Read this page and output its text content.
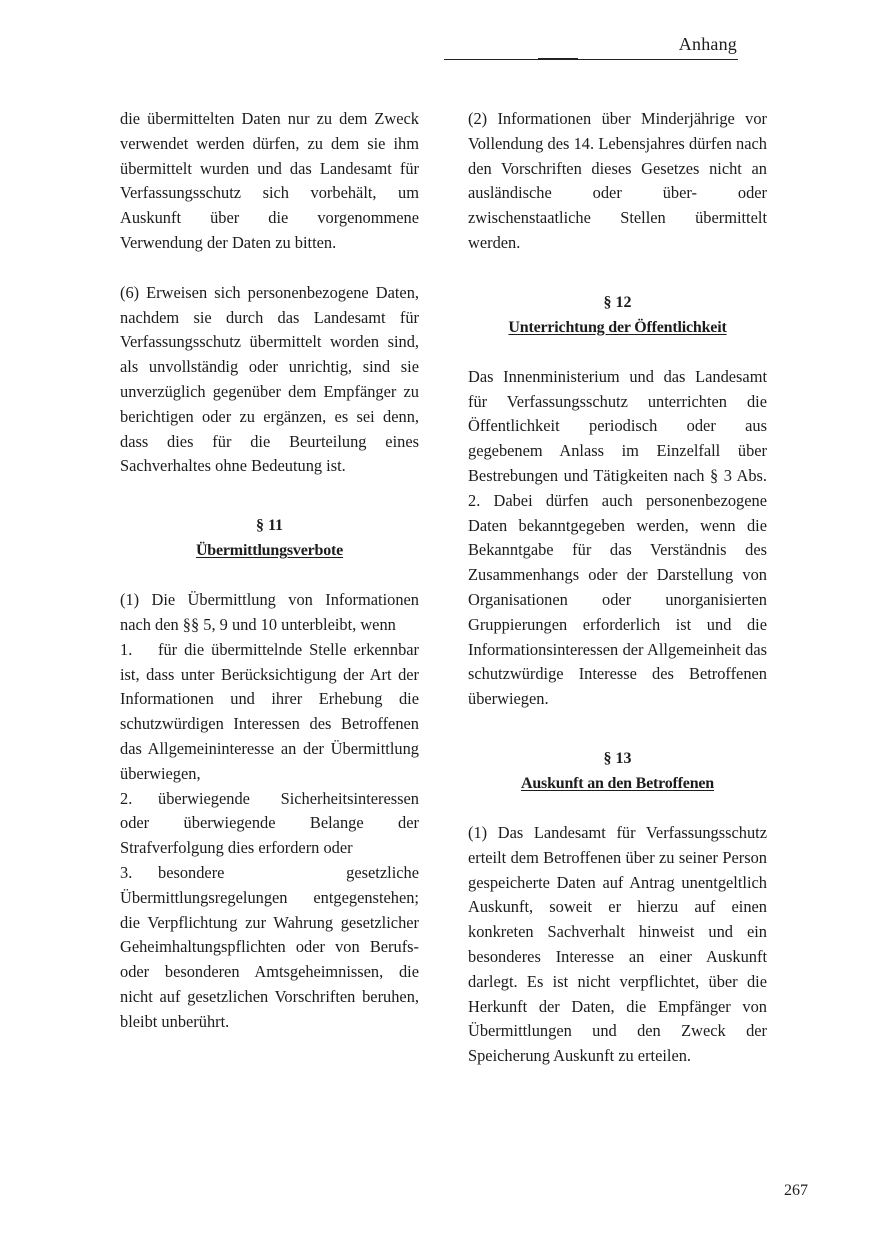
Anhang

die übermittelten Daten nur zu dem Zweck verwendet werden dürfen, zu dem sie ihm übermittelt wurden und das Landesamt für Verfassungsschutz sich vorbehält, um Auskunft über die vorgenommene Verwendung der Daten zu bitten.

(6) Erweisen sich personenbezogene Daten, nachdem sie durch das Landesamt für Verfassungsschutz übermittelt worden sind, als unvollständig oder unrichtig, sind sie unverzüglich gegenüber dem Empfänger zu berichtigen oder zu ergänzen, es sei denn, dass dies für die Beurteilung eines Sachverhaltes ohne Bedeutung ist.

§ 11
Übermittlungsverbote

(1) Die Übermittlung von Informationen nach den §§ 5, 9 und 10 unterbleibt, wenn

1. für die übermittelnde Stelle erkennbar ist, dass unter Berücksichtigung der Art der Informationen und ihrer Erhebung die schutzwürdigen Interessen des Betroffenen das Allgemeininteresse an der Übermittlung überwiegen,

2. überwiegende Sicherheitsinteressen oder überwiegende Belange der Strafverfolgung dies erfordern oder

3. besondere gesetzliche Übermittlungsregelungen entgegenstehen; die Verpflichtung zur Wahrung gesetzlicher Geheimhaltungspflichten oder von Berufs- oder besonderen Amtsgeheimnissen, die nicht auf gesetzlichen Vorschriften beruhen, bleibt unberührt.

(2) Informationen über Minderjährige vor Vollendung des 14. Lebensjahres dürfen nach den Vorschriften dieses Gesetzes nicht an ausländische oder über- oder zwischenstaatliche Stellen übermittelt werden.

§ 12
Unterrichtung der Öffentlichkeit

Das Innenministerium und das Landesamt für Verfassungsschutz unterrichten die Öffentlichkeit periodisch oder aus gegebenem Anlass im Einzelfall über Bestrebungen und Tätigkeiten nach § 3 Abs. 2. Dabei dürfen auch personenbezogene Daten bekanntgegeben werden, wenn die Bekanntgabe für das Verständnis des Zusammenhangs oder der Darstellung von Organisationen oder unorganisierten Gruppierungen erforderlich ist und die Informationsinteressen der Allgemeinheit das schutzwürdige Interesse des Betroffenen überwiegen.

§ 13
Auskunft an den Betroffenen

(1) Das Landesamt für Verfassungsschutz erteilt dem Betroffenen über zu seiner Person gespeicherte Daten auf Antrag unentgeltlich Auskunft, soweit er hierzu auf einen konkreten Sachverhalt hinweist und ein besonderes Interesse an einer Auskunft darlegt. Es ist nicht verpflichtet, über die Herkunft der Daten, die Empfänger von Übermittlungen und den Zweck der Speicherung Auskunft zu erteilen.

267
